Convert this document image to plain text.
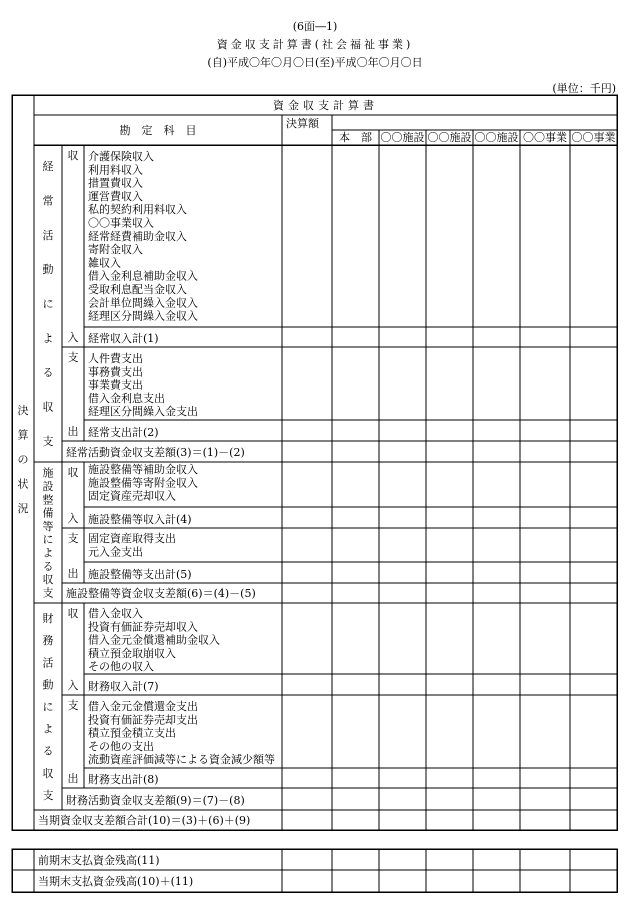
(6面―1)
資金収支計算書(社会福祉事業)
(自)平成〇年〇月〇日(至)平成〇年〇月〇日
(単位：千円)
資金収支計算書
勘　定　科　目
決算額
本　部 〇〇施設 〇〇施設 〇〇施設 〇〇事業 〇〇事業
決
算
の
状
況
経
常
活
動
に
よ
る
収
支
収
入
支
出
介護保険収入
利用料収入
措置費収入
運営費収入
私的契約利用料収入
〇〇事業収入
経常経費補助金収入
寄附金収入
雑収入
借入金利息補助金収入
受取利息配当金収入
会計単位間繰入金収入
経理区分間繰入金収入
経常収入計(1)
人件費支出
事務費支出
事業費支出
借入金利息支出
経理区分間繰入金支出
経常支出計(2)
経常活動資金収支差額(3)＝(1)－(2)
施
設
整
備
等
に
よ
る
収
支
収
入
支
出
施設整備等補助金収入
施設整備等寄附金収入
固定資産売却収入
施設整備等収入計(4)
固定資産取得支出
元入金支出
施設整備等支出計(5)
施設整備等資金収支差額(6)＝(4)－(5)
財
務
活
動
に
よ
る
収
支
収
入
支
出
借入金収入
投資有価証券売却収入
借入金元金償還補助金収入
積立預金取崩収入
その他の収入
財務収入計(7)
借入金元金償還金支出
投資有価証券売却支出
積立預金積立支出
その他の支出
流動資産評価減等による資金減少額等
財務支出計(8)
財務活動資金収支差額(9)＝(7)－(8)
当期資金収支差額合計(10)＝(3)＋(6)＋(9)
前期末支払資金残高(11)
当期末支払資金残高(10)＋(11)
